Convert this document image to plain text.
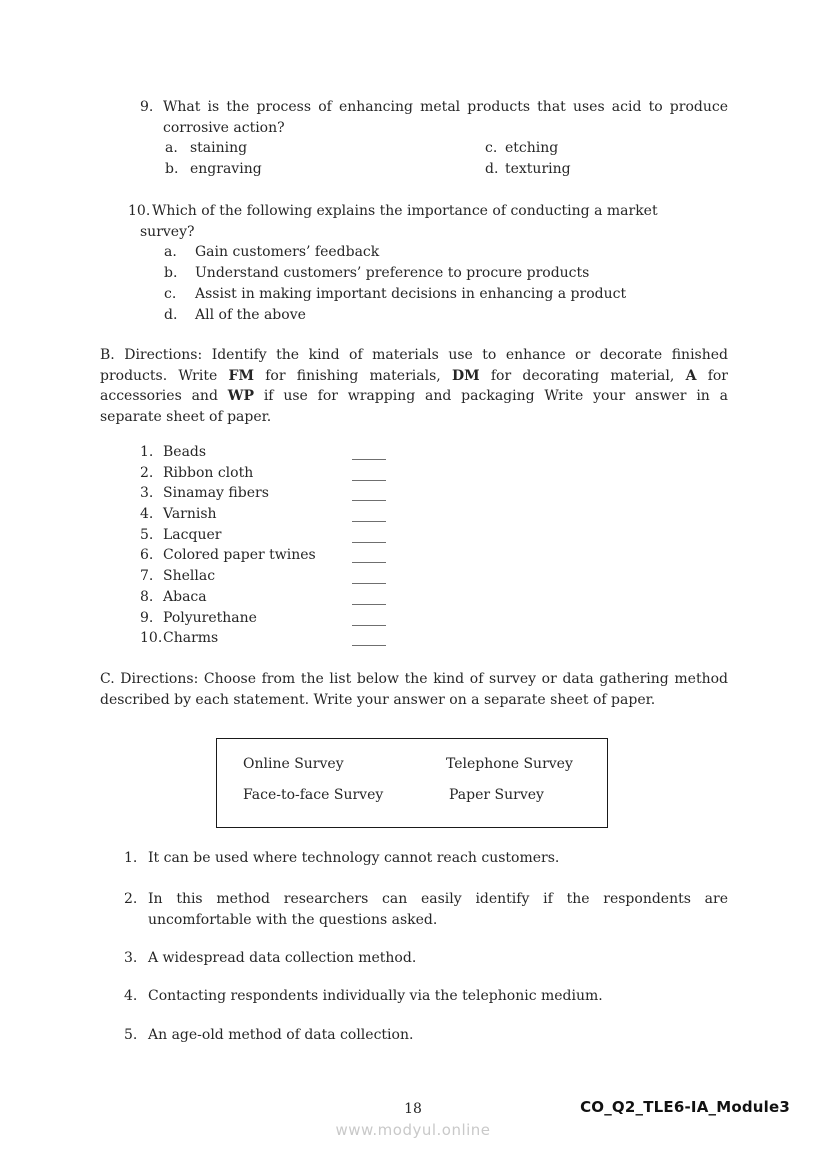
9. What is the process of enhancing metal products that uses acid to produce
corrosive action?
a. staining
b. engraving
c. etching
d. texturing
10. Which of the following explains the importance of conducting a market
survey?
a. Gain customers’ feedback
b. Understand customers’ preference to procure products
c. Assist in making important decisions in enhancing a product
d. All of the above
B. Directions: Identify the kind of materials use to enhance or decorate finished
products. Write FM for finishing materials, DM for decorating material, A for
accessories and WP if use for wrapping and packaging Write your answer in a
separate sheet of paper.
1. Beads
2. Ribbon cloth
3. Sinamay fibers
4. Varnish
5. Lacquer
6. Colored paper twines
7. Shellac
8. Abaca
9. Polyurethane
10.Charms
C. Directions: Choose from the list below the kind of survey or data gathering method
described by each statement. Write your answer on a separate sheet of paper.
Online Survey	Telephone Survey
Face-to-face Survey	Paper Survey
1. It can be used where technology cannot reach customers.
2. In this method researchers can easily identify if the respondents are
uncomfortable with the questions asked.
3. A widespread data collection method.
4. Contacting respondents individually via the telephonic medium.
5. An age-old method of data collection.
18	CO_Q2_TLE6-IA_Module3
www.modyul.online
